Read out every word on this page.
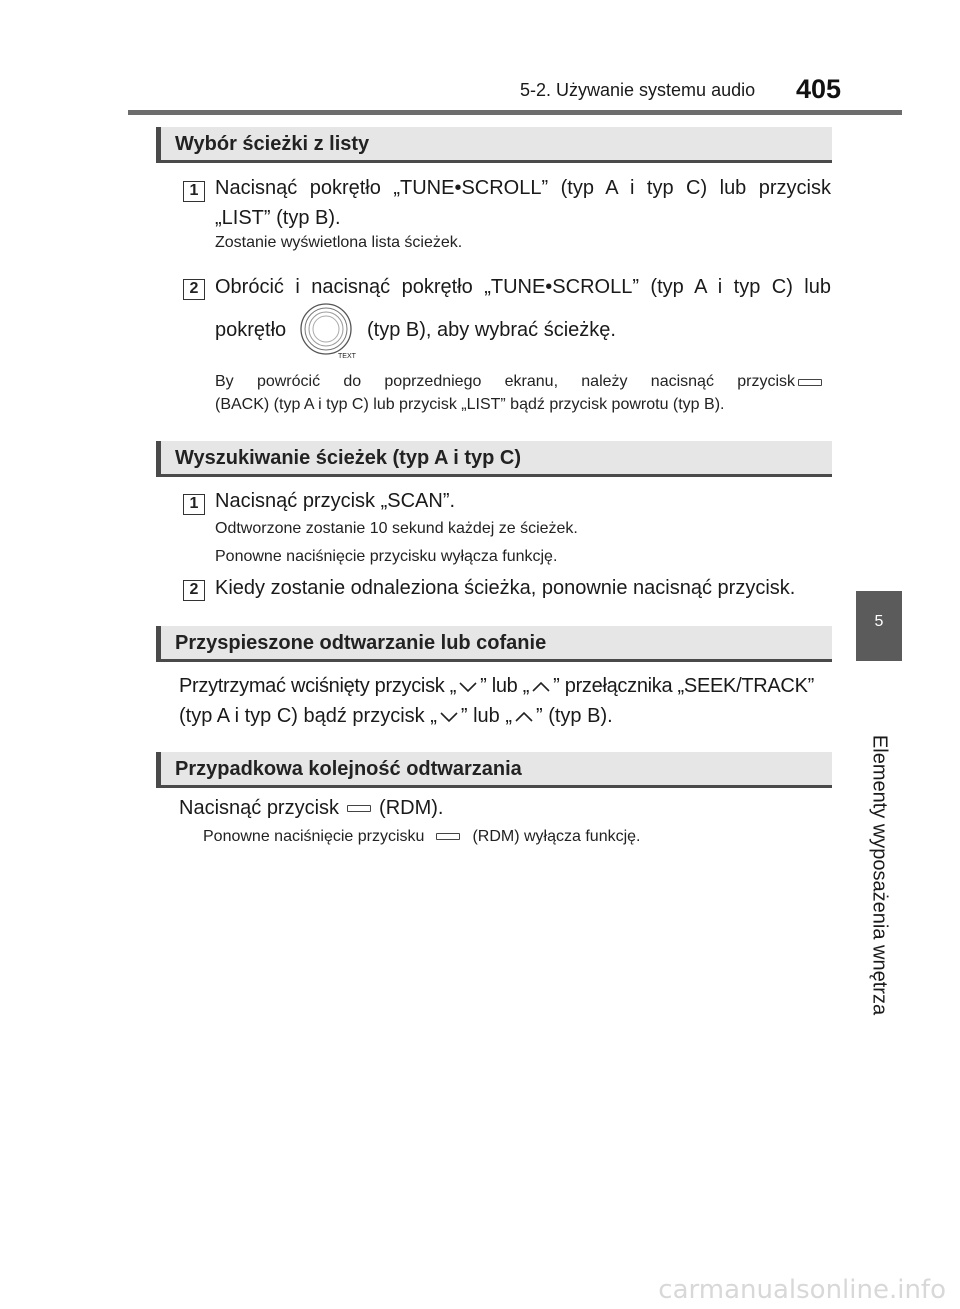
5-2. Używanie systemu audio 405
5
Elementy wyposażenia wnętrza
Wybór ścieżki z listy
1 Nacisnąć pokrętło „TUNE•SCROLL” (typ A i typ C) lub przycisk
„LIST” (typ B).
Zostanie wyświetlona lista ścieżek.
2 Obrócić i nacisnąć pokrętło „TUNE•SCROLL” (typ A i typ C) lub
pokrętło
TEXT
(typ B), aby wybrać ścieżkę.
By powrócić do poprzedniego ekranu, należy nacisnąć przycisk
(BACK) (typ A i typ C) lub przycisk „LIST” bądź przycisk powrotu (typ B).
Wyszukiwanie ścieżek (typ A i typ C)
1 Nacisnąć przycisk „SCAN”.
Odtworzone zostanie 10 sekund każdej ze ścieżek.
Ponowne naciśnięcie przycisku wyłącza funkcję.
2 Kiedy zostanie odnaleziona ścieżka, ponownie nacisnąć przycisk.
Przyspieszone odtwarzanie lub cofanie
Przytrzymać wciśnięty przycisk „ ” lub „ ” przełącznika „SEEK/TRACK”
(typ A i typ C) bądź przycisk „ ” lub „ ” (typ B).
Przypadkowa kolejność odtwarzania
Nacisnąć przycisk (RDM).
Ponowne naciśnięcie przycisku	(RDM) wyłącza funkcję.
carmanualsonline.info
